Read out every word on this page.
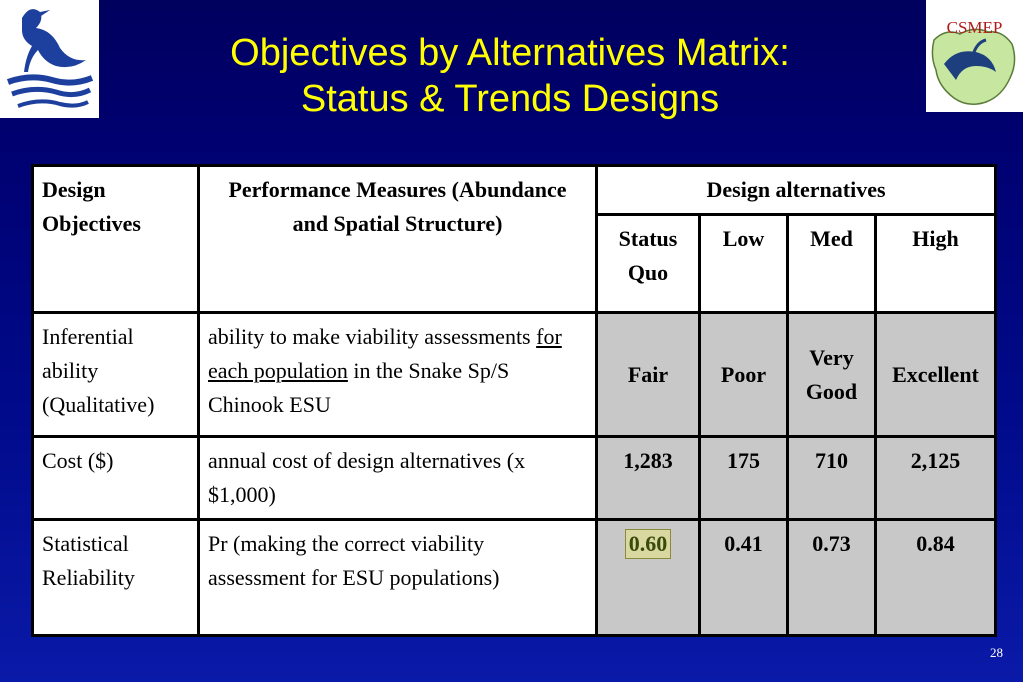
CSMEP
Objectives by Alternatives Matrix:
Status & Trends Designs
Design Objectives	Performance Measures (Abundance and Spatial Structure)	Design alternatives			
		Status Quo	Low	Med	High
Inferential ability (Qualitative)	ability to make viability assessments for each population in the Snake Sp/S Chinook ESU	Fair	Poor	Very Good	Excellent
Cost ($)	annual cost of design alternatives (x $1,000)	1,283	175	710	2,125
Statistical Reliability	Pr (making the correct viability assessment for ESU populations)	0.60	0.41	0.73	0.84
28
